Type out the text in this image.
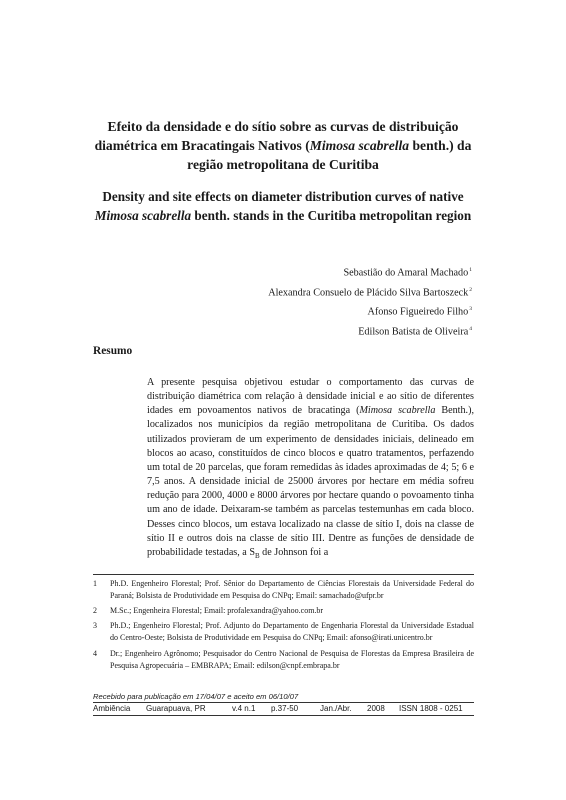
Efeito da densidade e do sítio sobre as curvas de distribuição diamétrica em Bracatingais Nativos (Mimosa scabrella benth.) da região metropolitana de Curitiba
Density and site effects on diameter distribution curves of native Mimosa scabrella benth. stands in the Curitiba metropolitan region
Sebastião do Amaral Machado$^1$
Alexandra Consuelo de Plácido Silva Bartoszeck$^2$
Afonso Figueiredo Filho$^3$
Edilson Batista de Oliveira$^4$
Resumo

A presente pesquisa objetivou estudar o comportamento das curvas de distribuição diamétrica com relação à densidade inicial e ao sítio de diferentes idades em povoamentos nativos de bracatinga (Mimosa scabrella Benth.), localizados nos municípios da região metropolitana de Curitiba. Os dados utilizados provieram de um experimento de densidades iniciais, delineado em blocos ao acaso, constituídos de cinco blocos e quatro tratamentos, perfazendo um total de 20 parcelas, que foram remedidas às idades aproximadas de 4; 5; 6 e 7,5 anos. A densidade inicial de 25000 árvores por hectare em média sofreu redução para 2000, 4000 e 8000 árvores por hectare quando o povoamento tinha um ano de idade. Deixaram-se também as parcelas testemunhas em cada bloco. Desses cinco blocos, um estava localizado na classe de sítio I, dois na classe de sítio II e outros dois na classe de sítio III. Dentre as funções de densidade de probabilidade testadas, a $S_B$ de Johnson foi a

1	Ph.D. Engenheiro Florestal; Prof. Sênior do Departamento de Ciências Florestais da Universidade Federal do Paraná; Bolsista de Produtividade em Pesquisa do CNPq; Email: samachado@ufpr.br
2	M.Sc.; Engenheira Florestal; Email: profalexandra@yahoo.com.br
3	Ph.D.; Engenheiro Florestal; Prof. Adjunto do Departamento de Engenharia Florestal da Universidade Estadual do Centro-Oeste; Bolsista de Produtividade em Pesquisa do CNPq; Email: afonso@irati.unicentro.br
4	Dr.; Engenheiro Agrônomo; Pesquisador do Centro Nacional de Pesquisa de Florestas da Empresa Brasileira de Pesquisa Agropecuária – EMBRAPA; Email: edilson@cnpf.embrapa.br
Recebido para publicação em 17/04/07 e aceito em 06/10/07
Ambiência Guarapuava, PR	v.4 n.1 p.37-50	Jan./Abr. 2008 ISSN 1808 - 0251
